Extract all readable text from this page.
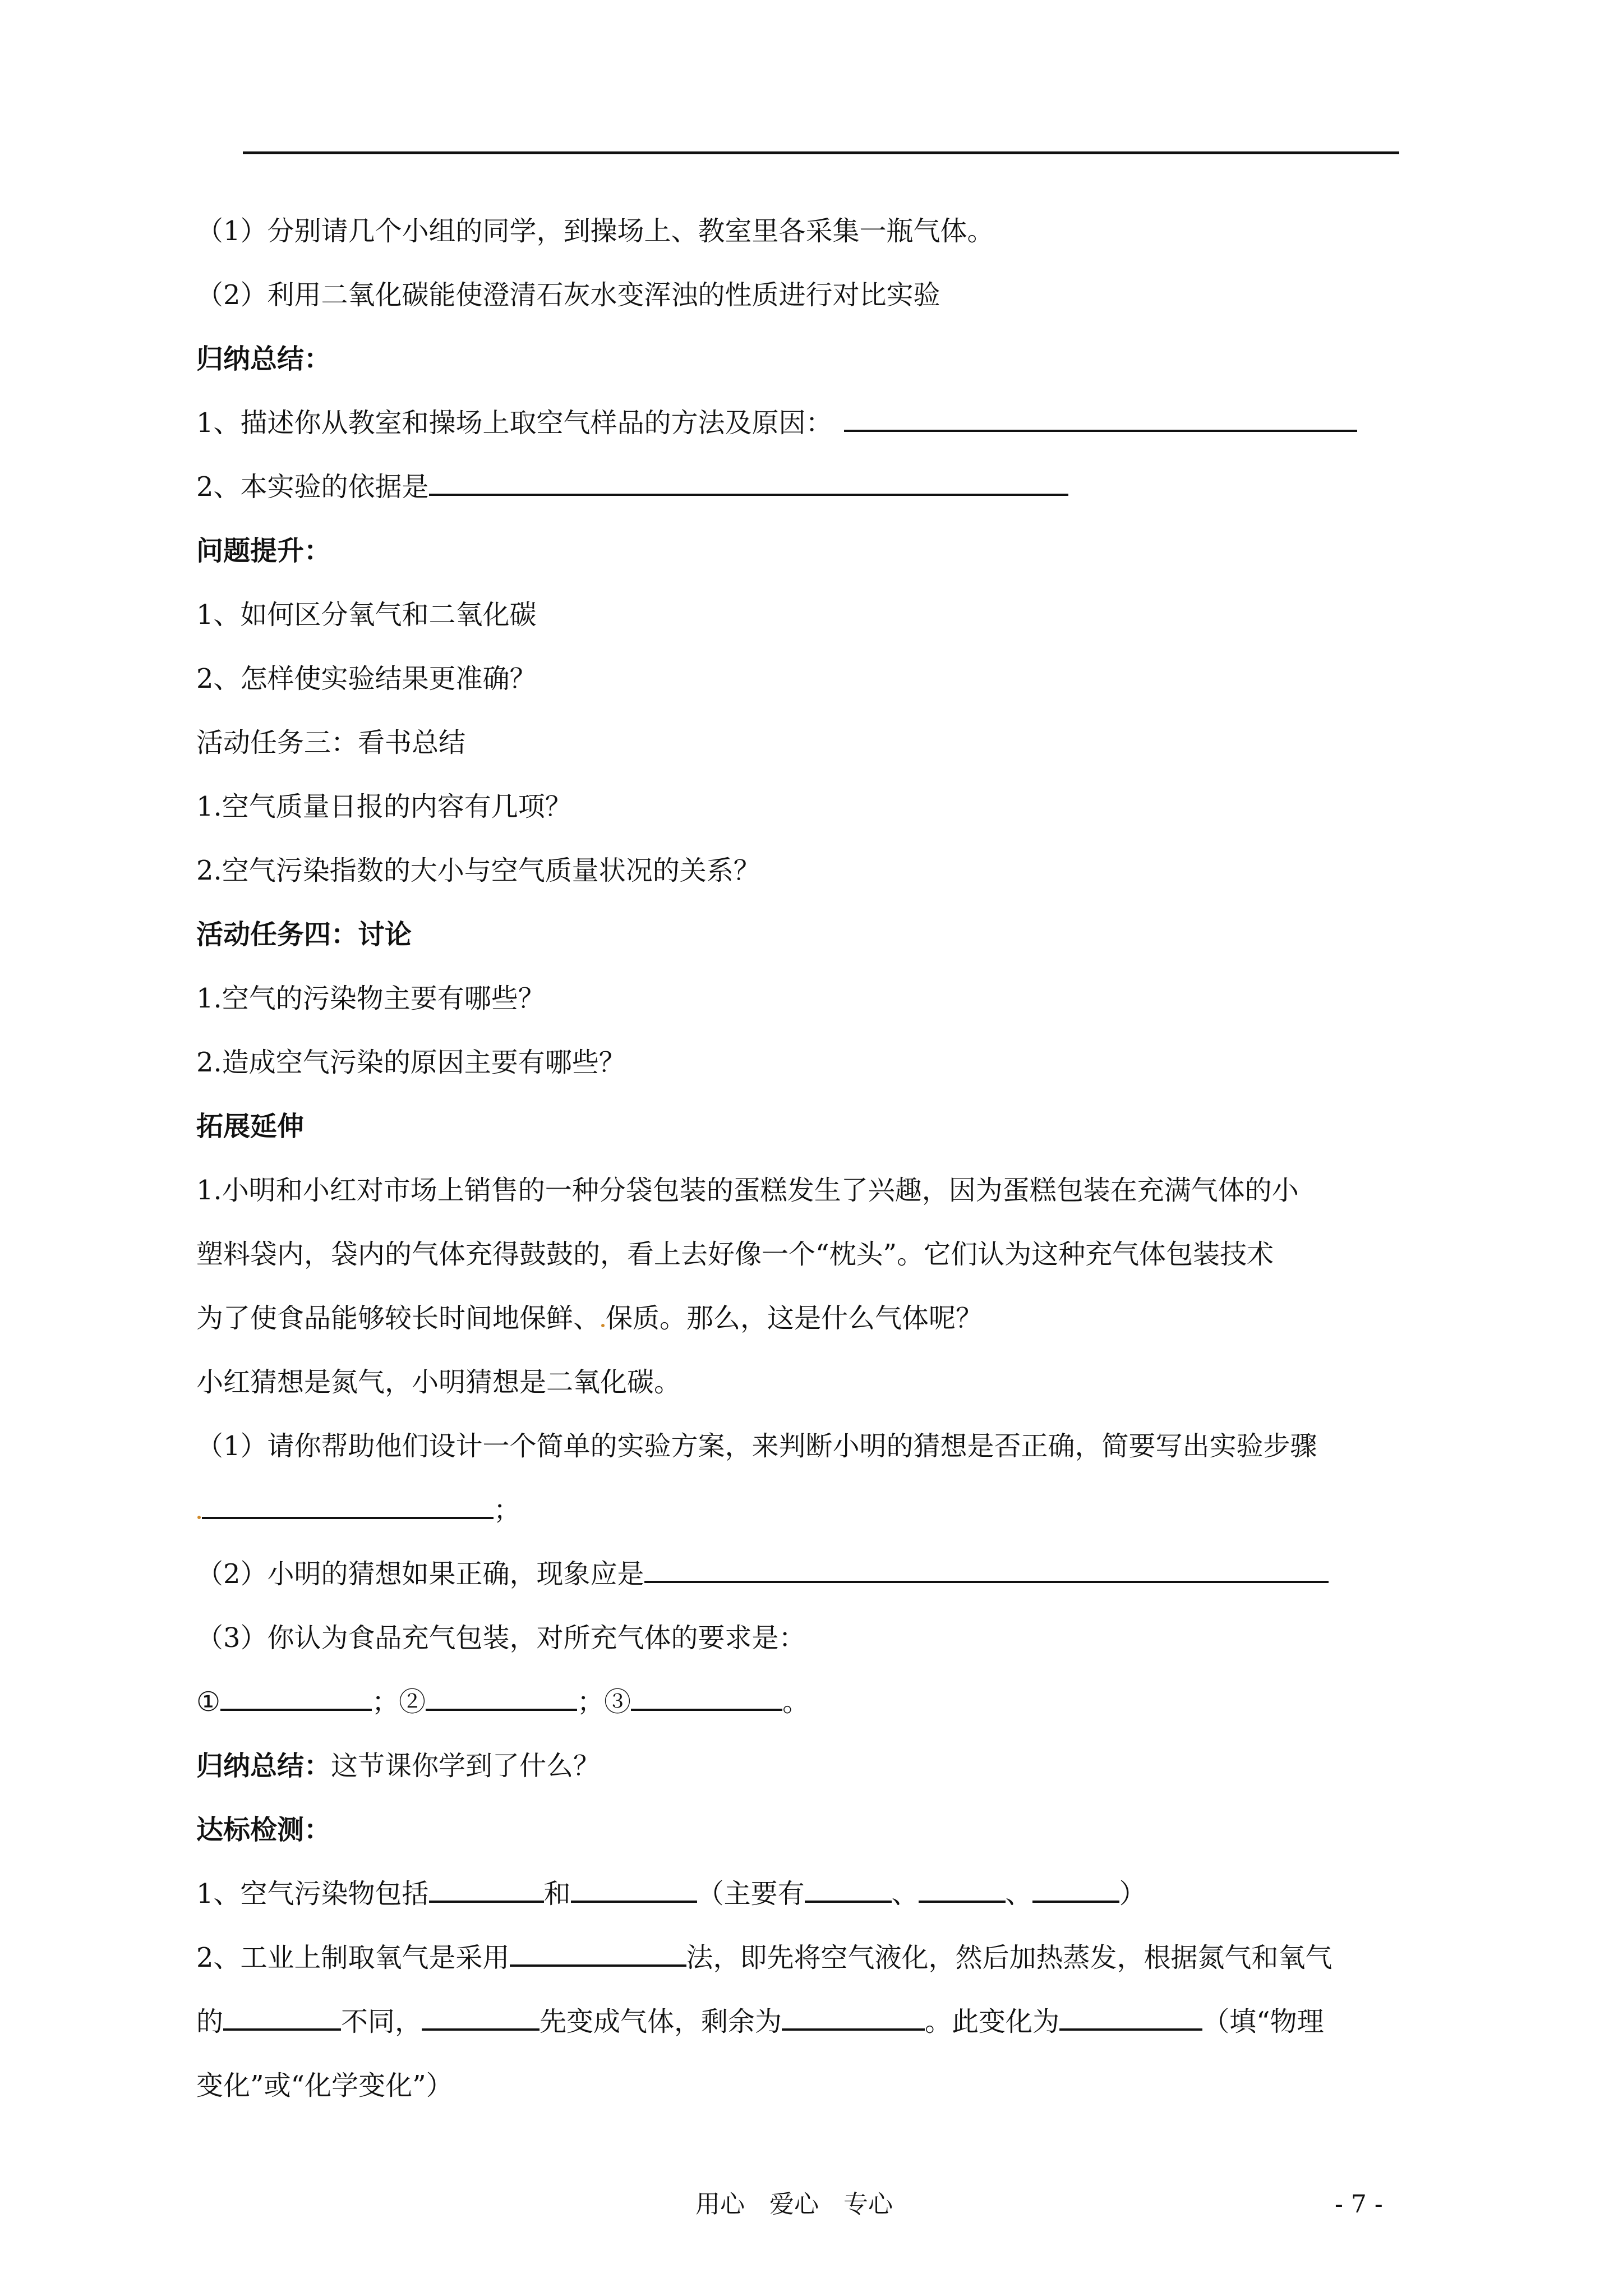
（1）分别请几个小组的同学，到操场上、教室里各采集一瓶气体。
（2）利用二氧化碳能使澄清石灰水变浑浊的性质进行对比实验
归纳总结：
1、描述你从教室和操场上取空气样品的方法及原因：
2、本实验的依据是
问题提升：
1、如何区分氧气和二氧化碳
2、怎样使实验结果更准确？
活动任务三：看书总结
1.空气质量日报的内容有几项？
2.空气污染指数的大小与空气质量状况的关系？
活动任务四：讨论
1.空气的污染物主要有哪些？
2.造成空气污染的原因主要有哪些？
拓展延伸
1.小明和小红对市场上销售的一种分袋包装的蛋糕发生了兴趣，因为蛋糕包装在充满气体的小
塑料袋内，袋内的气体充得鼓鼓的，看上去好像一个“枕头”。它们认为这种充气体包装技术
为了使食品能够较长时间地保鲜、 保质。那么，这是什么气体呢？
小红猜想是氮气，小明猜想是二氧化碳。
（1）请你帮助他们设计一个简单的实验方案，来判断小明的猜想是否正确，简要写出实验步骤
；
（2）小明的猜想如果正确，现象应是
（3）你认为食品充气包装，对所充气体的要求是：
①	；②	；③	。
归纳总结：这节课你学到了什么？
达标检测：
1、空气污染物包括	和	（主要有	、	、	）
2、工业上制取氧气是采用	法，即先将空气液化，然后加热蒸发，根据氮气和氧气
的	不同，	先变成气体，剩余为	。此变化为	（填“物理
变化”或“化学变化”）
用心　爱心　专心	- 7 -
